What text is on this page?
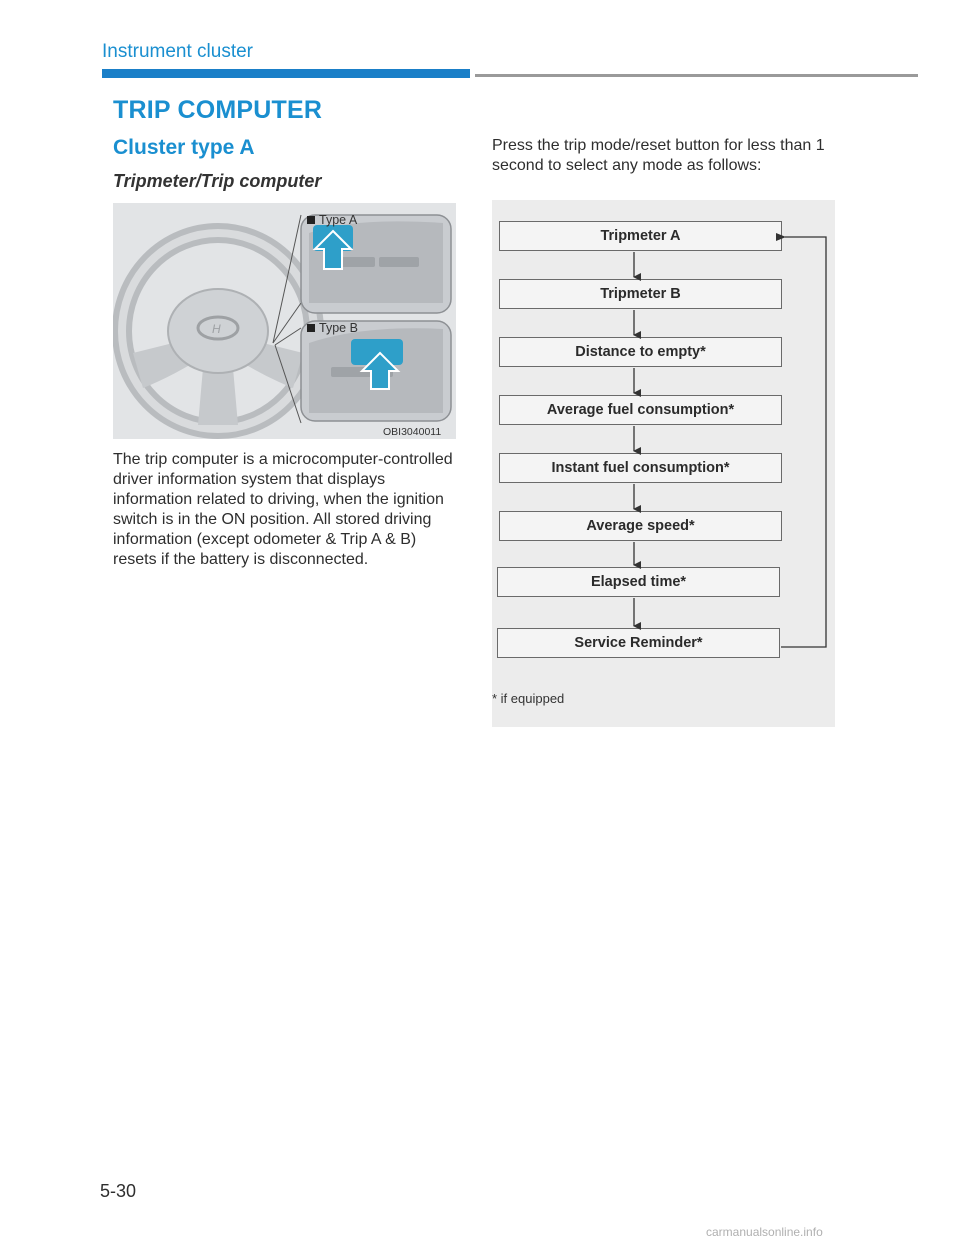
Instrument cluster
TRIP COMPUTER
Cluster type A
Tripmeter/Trip computer
H
Type A
Type B
OBI3040011

The trip computer is a microcomputer-controlled driver information system that displays information related to driving, when the ignition switch is in the ON position. All stored driving information (except odometer & Trip A & B) resets if the battery is disconnected.

Press the trip mode/reset button for less than 1 second to select any mode as follows:

Tripmeter A
Tripmeter B
Distance to empty*
Average fuel consumption*
Instant fuel consumption*
Average speed*
Elapsed time*
Service Reminder*
* if equipped
5-30
carmanualsonline.info
